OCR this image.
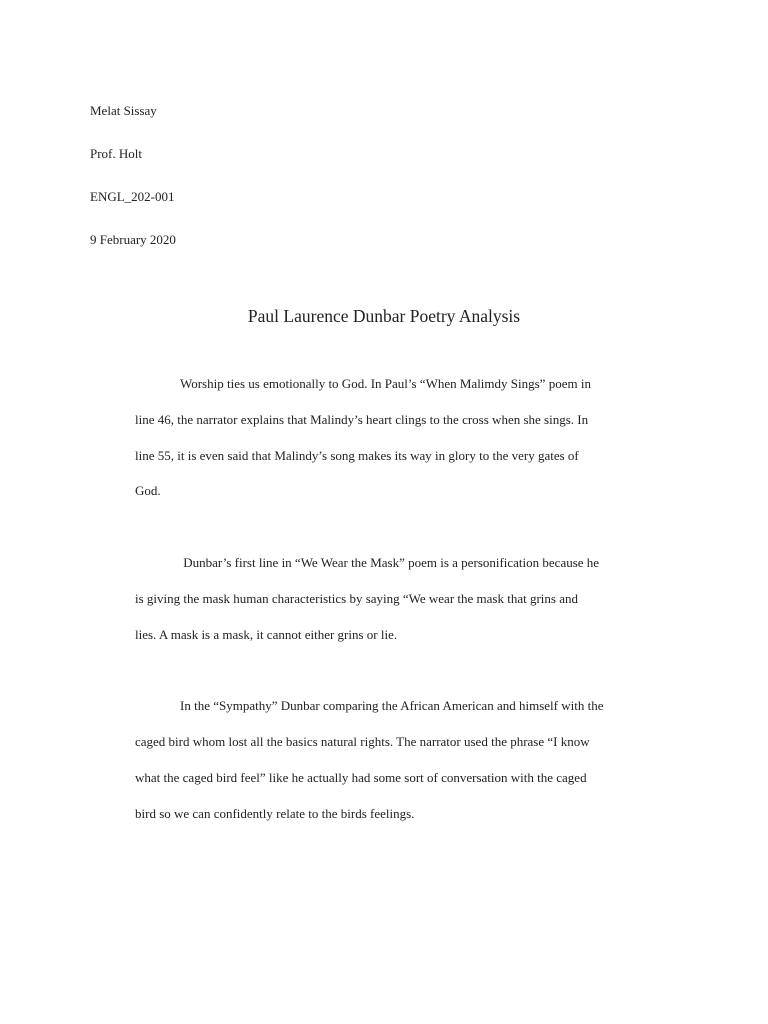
Melat Sissay
Prof. Holt
ENGL_202-001
9 February 2020
Paul Laurence Dunbar Poetry Analysis
Worship ties us emotionally to God. In Paul’s “When Malimdy Sings” poem in
line 46, the narrator explains that Malindy’s heart clings to the cross when she sings. In
line 55, it is even said that Malindy’s song makes its way in glory to the very gates of
God.
Dunbar’s first line in “We Wear the Mask” poem is a personification because he
is giving the mask human characteristics by saying “We wear the mask that grins and
lies. A mask is a mask, it cannot either grins or lie.
In the “Sympathy” Dunbar comparing the African American and himself with the
caged bird whom lost all the basics natural rights. The narrator used the phrase “I know
what the caged bird feel” like he actually had some sort of conversation with the caged
bird so we can confidently relate to the birds feelings.
